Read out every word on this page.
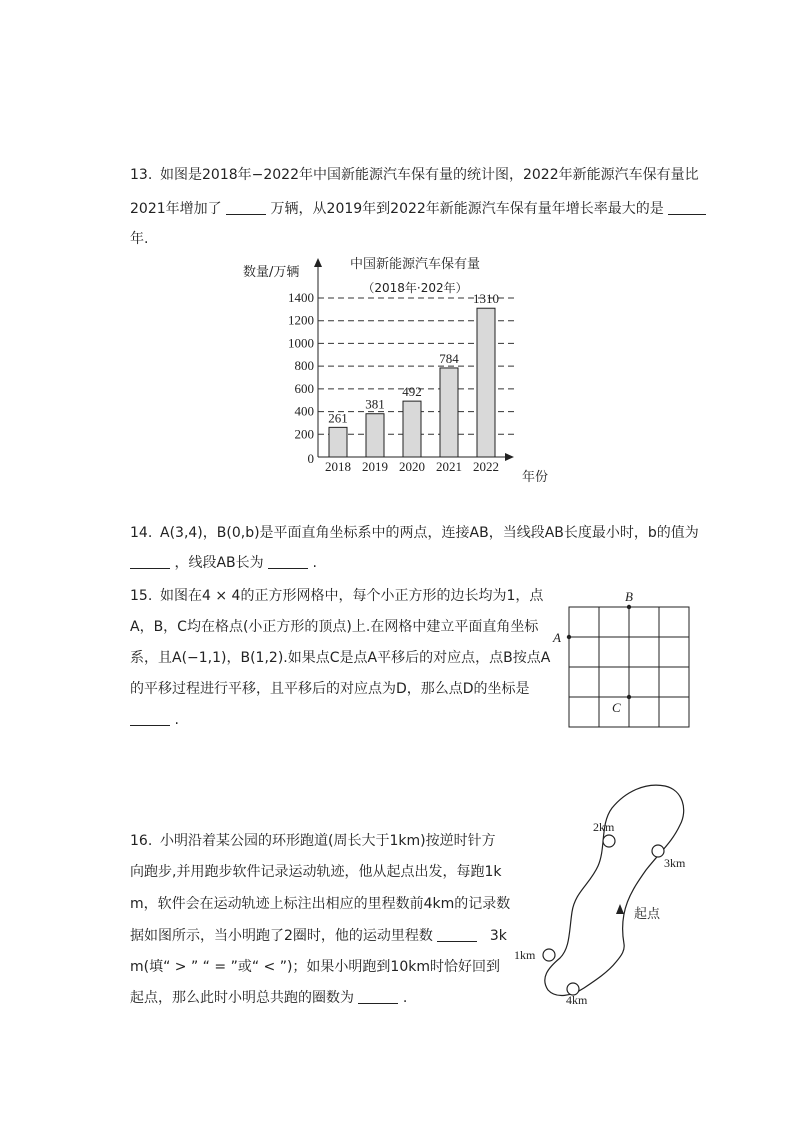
13. 如图是2018年−2022年中国新能源汽车保有量的统计图，2022年新能源汽车保有量比
2021年增加了	万辆，从2019年到2022年新能源汽车保有量年增长率最大的是
年.
中国新能源汽车保有量
（2018年·202年）
数量/万辆
年份
0
200
400
600
800
1000
1200
1400
261
2018
381
2019
492
2020
784
2021
1310
2022
14. A(3,4)，B(0,b)是平面直角坐标系中的两点，连接AB，当线段AB长度最小时，b的值为
，线段AB长为	.
15. 如图在4 × 4的正方形网格中，每个小正方形的边长均为1，点
A，B，C均在格点(小正方形的顶点)上.在网格中建立平面直角坐标
系，且A(−1,1)，B(1,2).如果点C是点A平移后的对应点，点B按点A
的平移过程进行平移，且平移后的对应点为D，那么点D的坐标是
.
A
B
C
16. 小明沿着某公园的环形跑道(周长大于1km)按逆时针方
向跑步,并用跑步软件记录运动轨迹，他从起点出发，每跑1k
m，软件会在运动轨迹上标注出相应的里程数前4km的记录数
据如图所示，当小明跑了2圈时，他的运动里程数	3k
m(填“ > ” “ = ”或“ < ”)；如果小明跑到10km时恰好回到
起点，那么此时小明总共跑的圈数为	.
1km
2km
3km
4km
起点
